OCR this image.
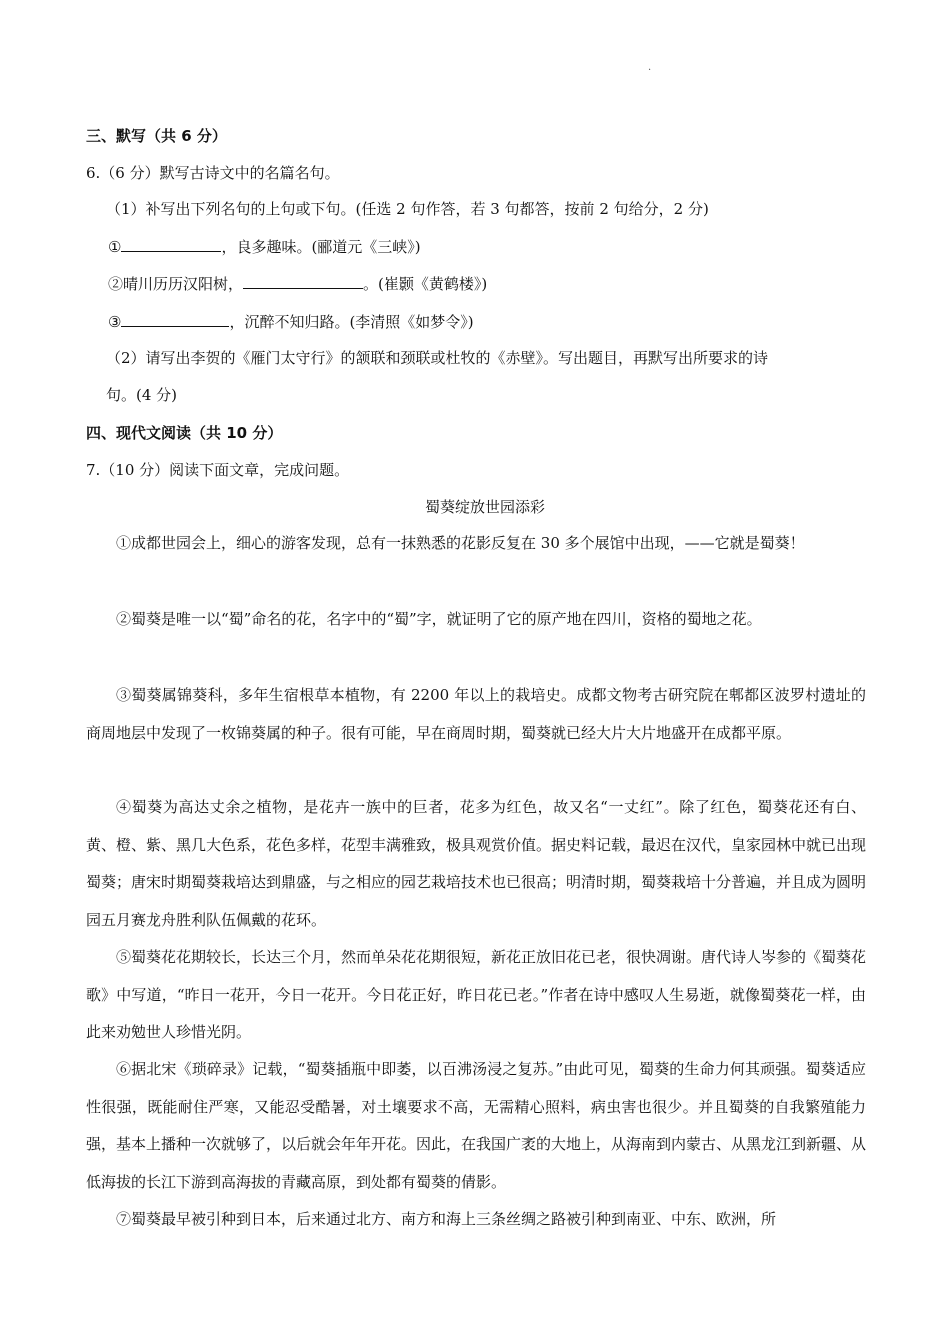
.
三、默写（共 6 分）
6.（6 分）默写古诗文中的名篇名句。
（1）补写出下列名句的上句或下句。(任选 2 句作答，若 3 句都答，按前 2 句给分，2 分)
①	，良多趣味。(郦道元《三峡》)
②晴川历历汉阳树，	。(崔颢《黄鹤楼》)
③	，沉醉不知归路。(李清照《如梦令》)
（2）请写出李贺的《雁门太守行》的颔联和颈联或杜牧的《赤壁》。写出题目，再默写出所要求的诗
句。(4 分)
四、现代文阅读（共 10 分）
7.（10 分）阅读下面文章，完成问题。
蜀葵绽放世园添彩
①成都世园会上，细心的游客发现，总有一抹熟悉的花影反复在 30 多个展馆中出现，——它就是蜀葵！
②蜀葵是唯一以“蜀”命名的花，名字中的“蜀”字，就证明了它的原产地在四川，资格的蜀地之花。
③蜀葵属锦葵科，多年生宿根草本植物，有 2200 年以上的栽培史。成都文物考古研究院在郫都区波罗村遗址的商周地层中发现了一枚锦葵属的种子。很有可能，早在商周时期，蜀葵就已经大片大片地盛开在成都平原。
④蜀葵为高达丈余之植物，是花卉一族中的巨者，花多为红色，故又名“一丈红”。除了红色，蜀葵花还有白、黄、橙、紫、黑几大色系，花色多样，花型丰满雅致，极具观赏价值。据史料记载，最迟在汉代，皇家园林中就已出现蜀葵；唐宋时期蜀葵栽培达到鼎盛，与之相应的园艺栽培技术也已很高；明清时期，蜀葵栽培十分普遍，并且成为圆明园五月赛龙舟胜利队伍佩戴的花环。
⑤蜀葵花花期较长，长达三个月，然而单朵花花期很短，新花正放旧花已老，很快凋谢。唐代诗人岑参的《蜀葵花歌》中写道，“昨日一花开，今日一花开。今日花正好，昨日花已老。”作者在诗中感叹人生易逝，就像蜀葵花一样，由此来劝勉世人珍惜光阴。
⑥据北宋《琐碎录》记载，“蜀葵插瓶中即萎，以百沸汤浸之复苏。”由此可见，蜀葵的生命力何其顽强。蜀葵适应性很强，既能耐住严寒，又能忍受酷暑，对土壤要求不高，无需精心照料，病虫害也很少。并且蜀葵的自我繁殖能力强，基本上播种一次就够了，以后就会年年开花。因此，在我国广袤的大地上，从海南到内蒙古、从黑龙江到新疆、从低海拔的长江下游到高海拔的青藏高原，到处都有蜀葵的倩影。
⑦蜀葵最早被引种到日本，后来通过北方、南方和海上三条丝绸之路被引种到南亚、中东、欧洲，所
